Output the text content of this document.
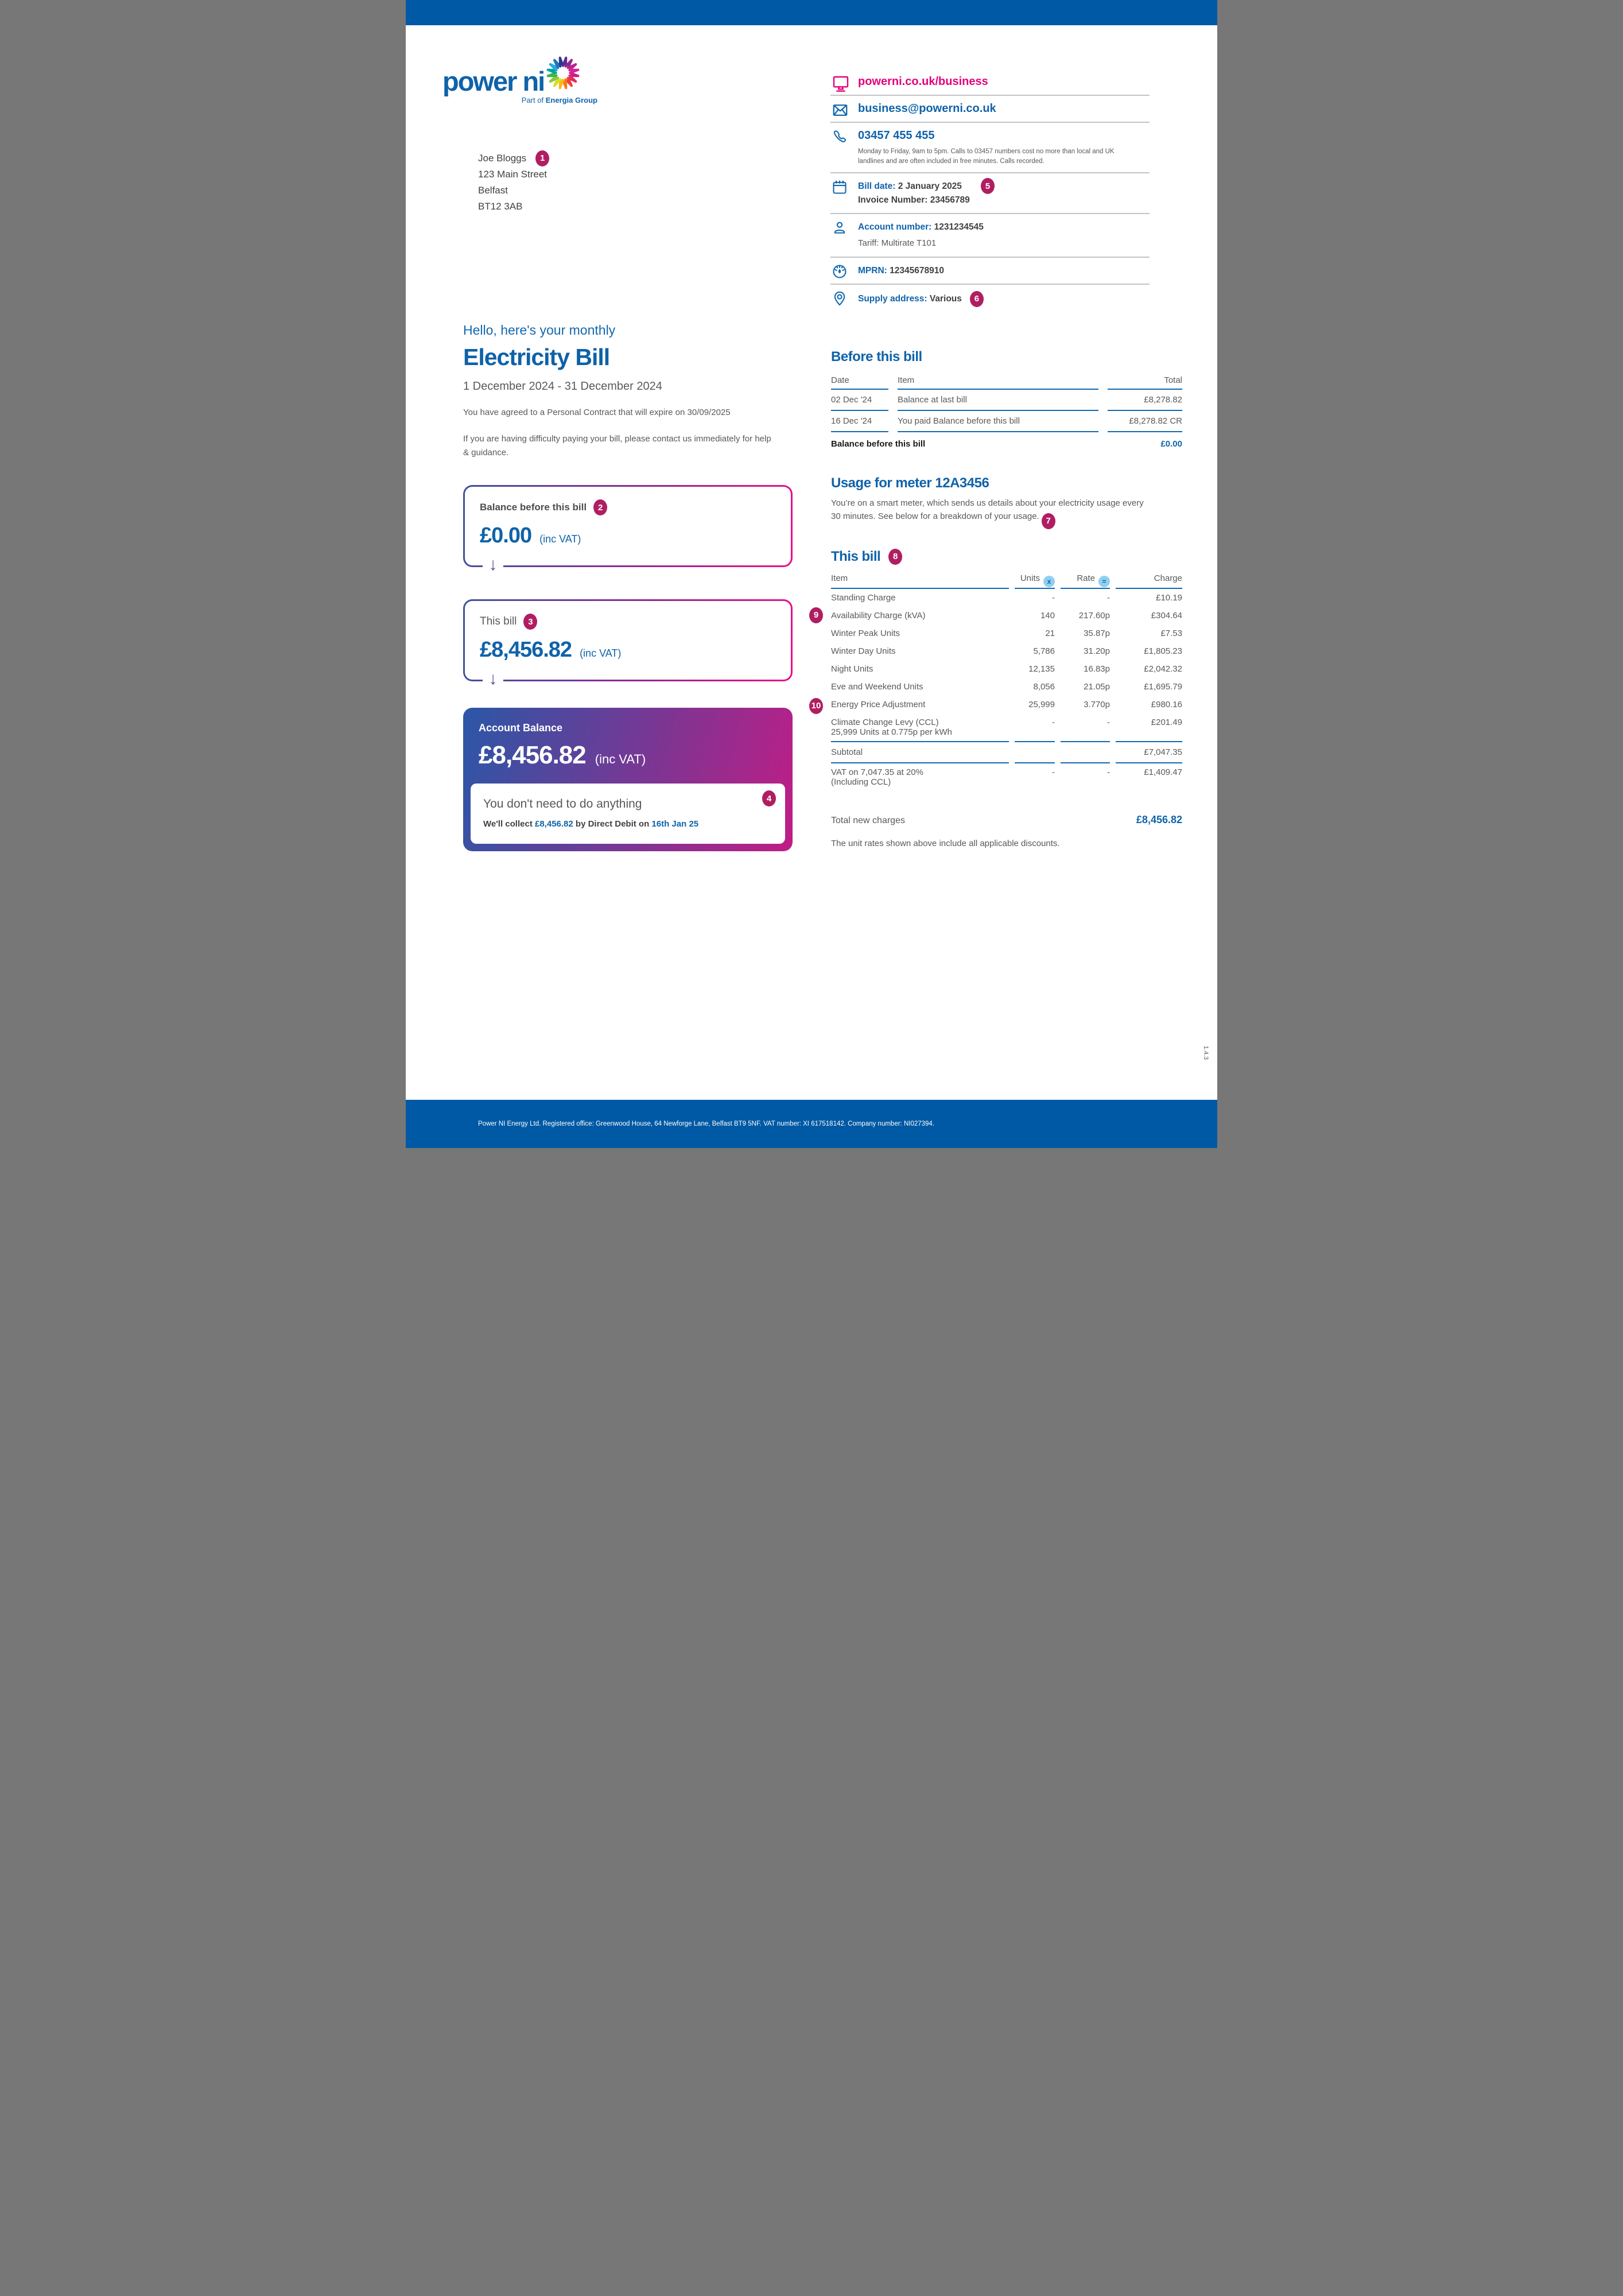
power ni
Part of Energia Group
Joe Bloggs	1
123 Main Street
Belfast
BT12 3AB
powerni.co.uk/business
business@powerni.co.uk
03457 455 455
Monday to Friday, 9am to 5pm. Calls to 03457 numbers cost no more than local and UK landlines and are often included in free minutes. Calls recorded.
Bill date: 2 January 2025
Invoice Number: 23456789
5
Account number: 1231234545
Tariff: Multirate T101
MPRN: 12345678910
Supply address: Various 6
Hello, here's your monthly
Electricity Bill
1 December 2024 - 31 December 2024
You have agreed to a Personal Contract that will expire on 30/09/2025
If you are having difficulty paying your bill, please contact us immediately for help & guidance.
Balance before this bill	2
£0.00 (inc VAT)
↓
This bill	3
£8,456.82 (inc VAT)
↓
Account Balance
£8,456.82 (inc VAT)
4
You don't need to do anything
We'll collect £8,456.82 by Direct Debit on 16th Jan 25
Before this bill
Date	Item	Total
02 Dec '24	Balance at last bill	£8,278.82
16 Dec '24	You paid Balance before this bill	£8,278.82 CR
Balance before this bill	£0.00
Usage for meter 12A3456
You’re on a smart meter, which sends us details about your electricity usage every 30 minutes. See below for a breakdown of your usage. 7
This bill	8
9
10
Item	Units	x	Rate	=	Charge
Standing Charge	-	-	£10.19
Availability Charge (kVA)	140	217.60p	£304.64
Winter Peak Units	21	35.87p	£7.53
Winter Day Units	5,786	31.20p	£1,805.23
Night Units	12,135	16.83p	£2,042.32
Eve and Weekend Units	8,056	21.05p	£1,695.79
Energy Price Adjustment	25,999	3.770p	£980.16
Climate Change Levy (CCL)
25,999 Units at 0.775p per kWh
-	-	£201.49
Subtotal	£7,047.35
VAT on 7,047.35 at 20% (Including CCL)
-	-	£1,409.47
Total new charges	£8,456.82
The unit rates shown above include all applicable discounts.
1.4.3
Power NI Energy Ltd. Registered office: Greenwood House, 64 Newforge Lane, Belfast BT9 5NF. VAT number: XI 617518142. Company number: NI027394.
